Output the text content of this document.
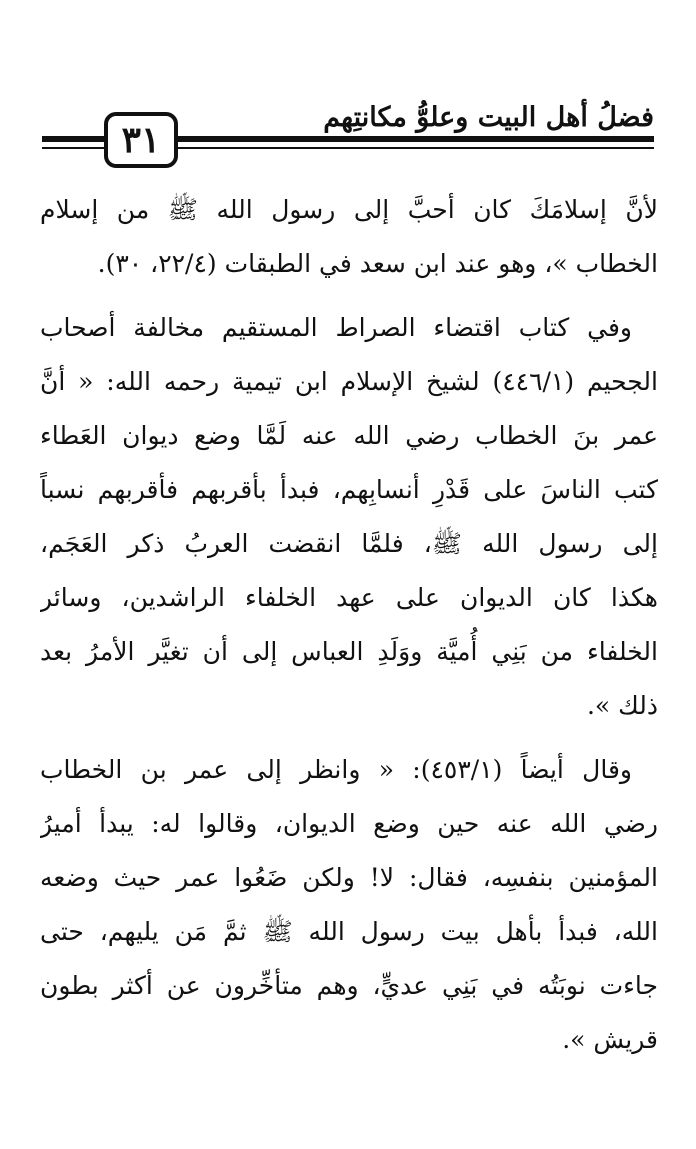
٣١
فضلُ أهل البيت وعلوُّ مكانتِهم
لأنَّ إسلامَكَ كان أحبَّ إلى رسول الله ﷺ من إسلام
الخطاب »، وهو عند ابن سعد في الطبقات (٢٢/٤، ٣٠).
وفي كتاب اقتضاء الصراط المستقيم مخالفة أصحاب
الجحيم (٤٤٦/١) لشيخ الإسلام ابن تيمية رحمه الله: « أنَّ
عمر بنَ الخطاب رضي الله عنه لَمَّا وضع ديوان العَطاء
كتب الناسَ على قَدْرِ أنسابِهم، فبدأ بأقربهم فأقربهم نسباً
إلى رسول الله ﷺ، فلمَّا انقضت العربُ ذكر العَجَم،
هكذا كان الديوان على عهد الخلفاء الراشدين، وسائر
الخلفاء من بَنِي أُميَّة ووَلَدِ العباس إلى أن تغيَّر الأمرُ بعد
ذلك ».
وقال أيضاً (٤٥٣/١): « وانظر إلى عمر بن الخطاب
رضي الله عنه حين وضع الديوان، وقالوا له: يبدأ أميرُ
المؤمنين بنفسِه، فقال: لا! ولكن ضَعُوا عمر حيث وضعه
الله، فبدأ بأهل بيت رسول الله ﷺ ثمَّ مَن يليهم، حتى
جاءت نوبَتُه في بَنِي عديٍّ، وهم متأخِّرون عن أكثر بطون
قريش ».
